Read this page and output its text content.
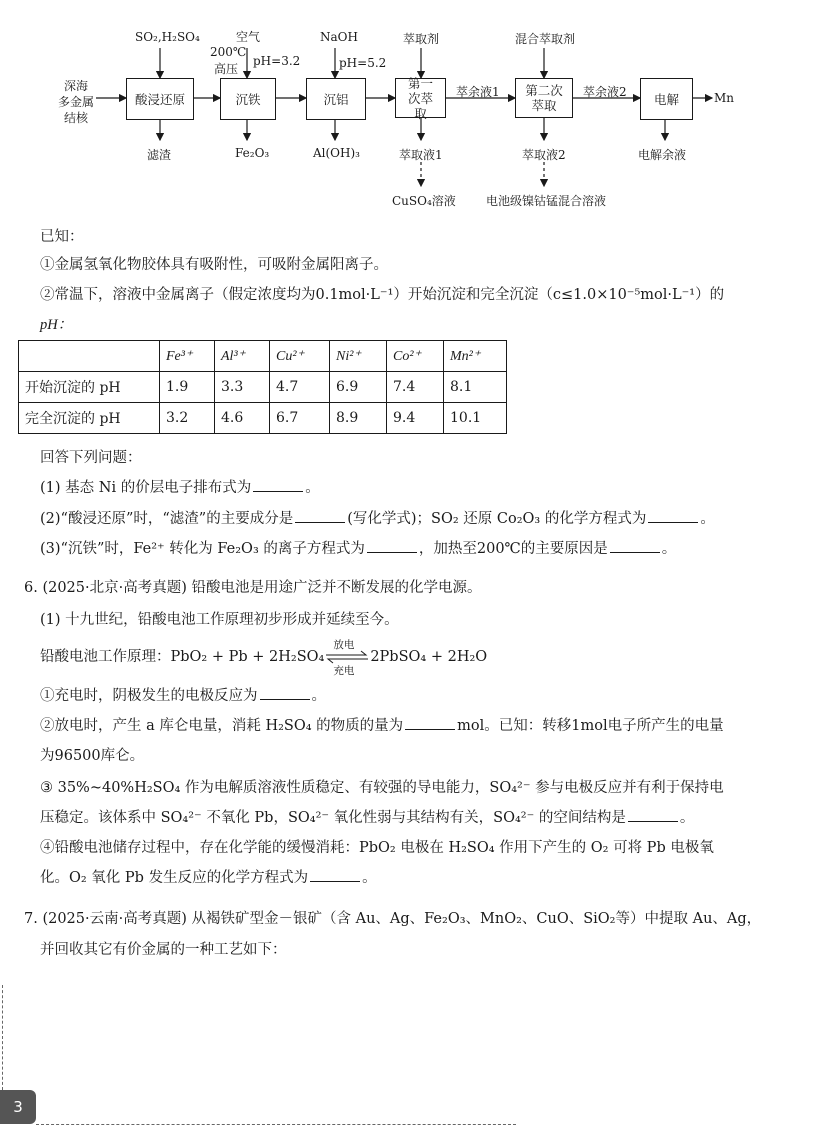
深海
多金属
结核
酸浸还原	沉铁	沉铝
第一次萃取
第二次萃取	电解
SO₂,H₂SO₄	空气
200℃
高压
pH=3.2
NaOH
pH=5.2
萃取剂	混合萃取剂
萃余液1	萃余液2	Mn
滤渣	Fe₂O₃	Al(OH)₃	萃取液1	萃取液2	电解余液
CuSO₄溶液	电池级镍钴锰混合溶液
已知：
①金属氢氧化物胶体具有吸附性，可吸附金属阳离子。
②常温下，溶液中金属离子（假定浓度均为0.1mol·L⁻¹）开始沉淀和完全沉淀（c≤1.0×10⁻⁵mol·L⁻¹）的
pH：
	Fe³⁺	Al³⁺	Cu²⁺	Ni²⁺	Co²⁺	Mn²⁺
开始沉淀的 pH	1.9	3.3	4.7	6.9	7.4	8.1
完全沉淀的 pH	3.2	4.6	6.7	8.9	9.4	10.1
回答下列问题：
(1) 基态 Ni 的价层电子排布式为	。
(2)“酸浸还原”时，“滤渣”的主要成分是	(写化学式)；SO₂ 还原 Co₂O₃ 的化学方程式为	。
(3)“沉铁”时，Fe²⁺ 转化为 Fe₂O₃ 的离子方程式为	，加热至200℃的主要原因是	。
6. (2025·北京·高考真题) 铅酸电池是用途广泛并不断发展的化学电源。
(1) 十九世纪，铅酸电池工作原理初步形成并延续至今。
铅酸电池工作原理：PbO₂ + Pb + 2H₂SO₄
放电
充电
2PbSO₄ + 2H₂O
①充电时，阴极发生的电极反应为	。
②放电时，产生 a 库仑电量，消耗 H₂SO₄ 的物质的量为	mol。已知：转移1mol电子所产生的电量
为96500库仑。
③ 35%~40%H₂SO₄ 作为电解质溶液性质稳定、有较强的导电能力，SO₄²⁻ 参与电极反应并有利于保持电
压稳定。该体系中 SO₄²⁻ 不氧化 Pb，SO₄²⁻ 氧化性弱与其结构有关，SO₄²⁻ 的空间结构是	。
④铅酸电池储存过程中，存在化学能的缓慢消耗：PbO₂ 电极在 H₂SO₄ 作用下产生的 O₂ 可将 Pb 电极氧
化。O₂ 氧化 Pb 发生反应的化学方程式为	。
7. (2025·云南·高考真题) 从褐铁矿型金－银矿（含 Au、Ag、Fe₂O₃、MnO₂、CuO、SiO₂等）中提取 Au、Ag，
并回收其它有价金属的一种工艺如下：
3
